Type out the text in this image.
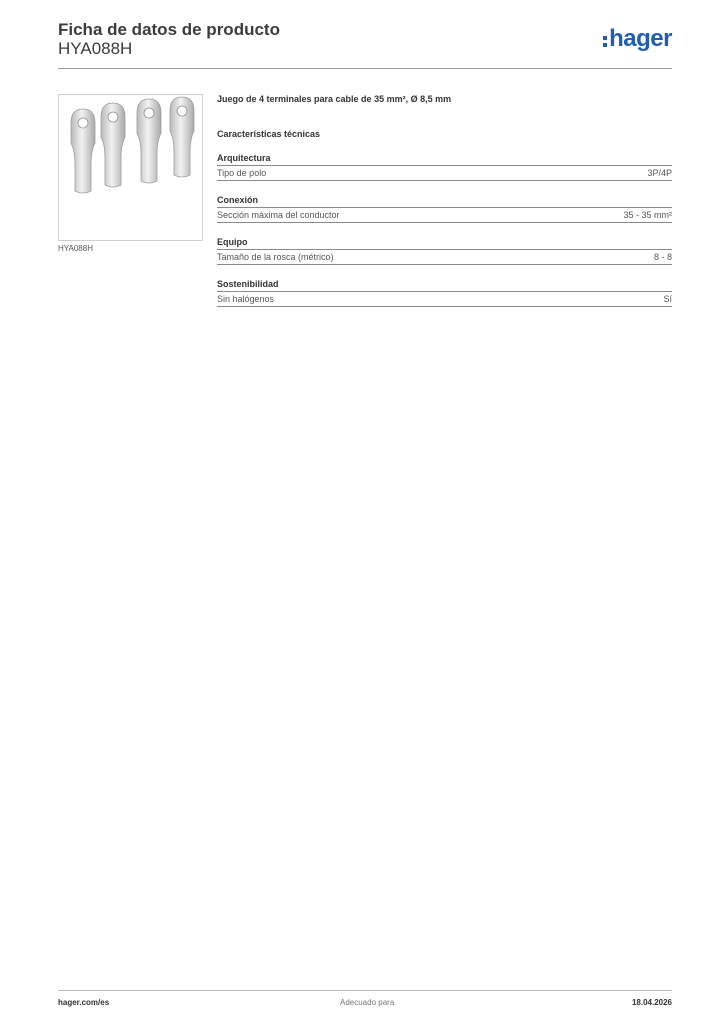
Ficha de datos de producto
HYA088H	hager
HYA088H
Juego de 4 terminales para cable de 35 mm², Ø 8,5 mm
Características técnicas
Arquitectura
Tipo de polo	3P/4P
Conexión
Sección máxima del conductor	35 - 35 mm²
Equipo
Tamaño de la rosca (métrico)	8 - 8
Sostenibilidad
Sin halógenos	Sí
hager.com/es	Adecuado para	18.04.2026
